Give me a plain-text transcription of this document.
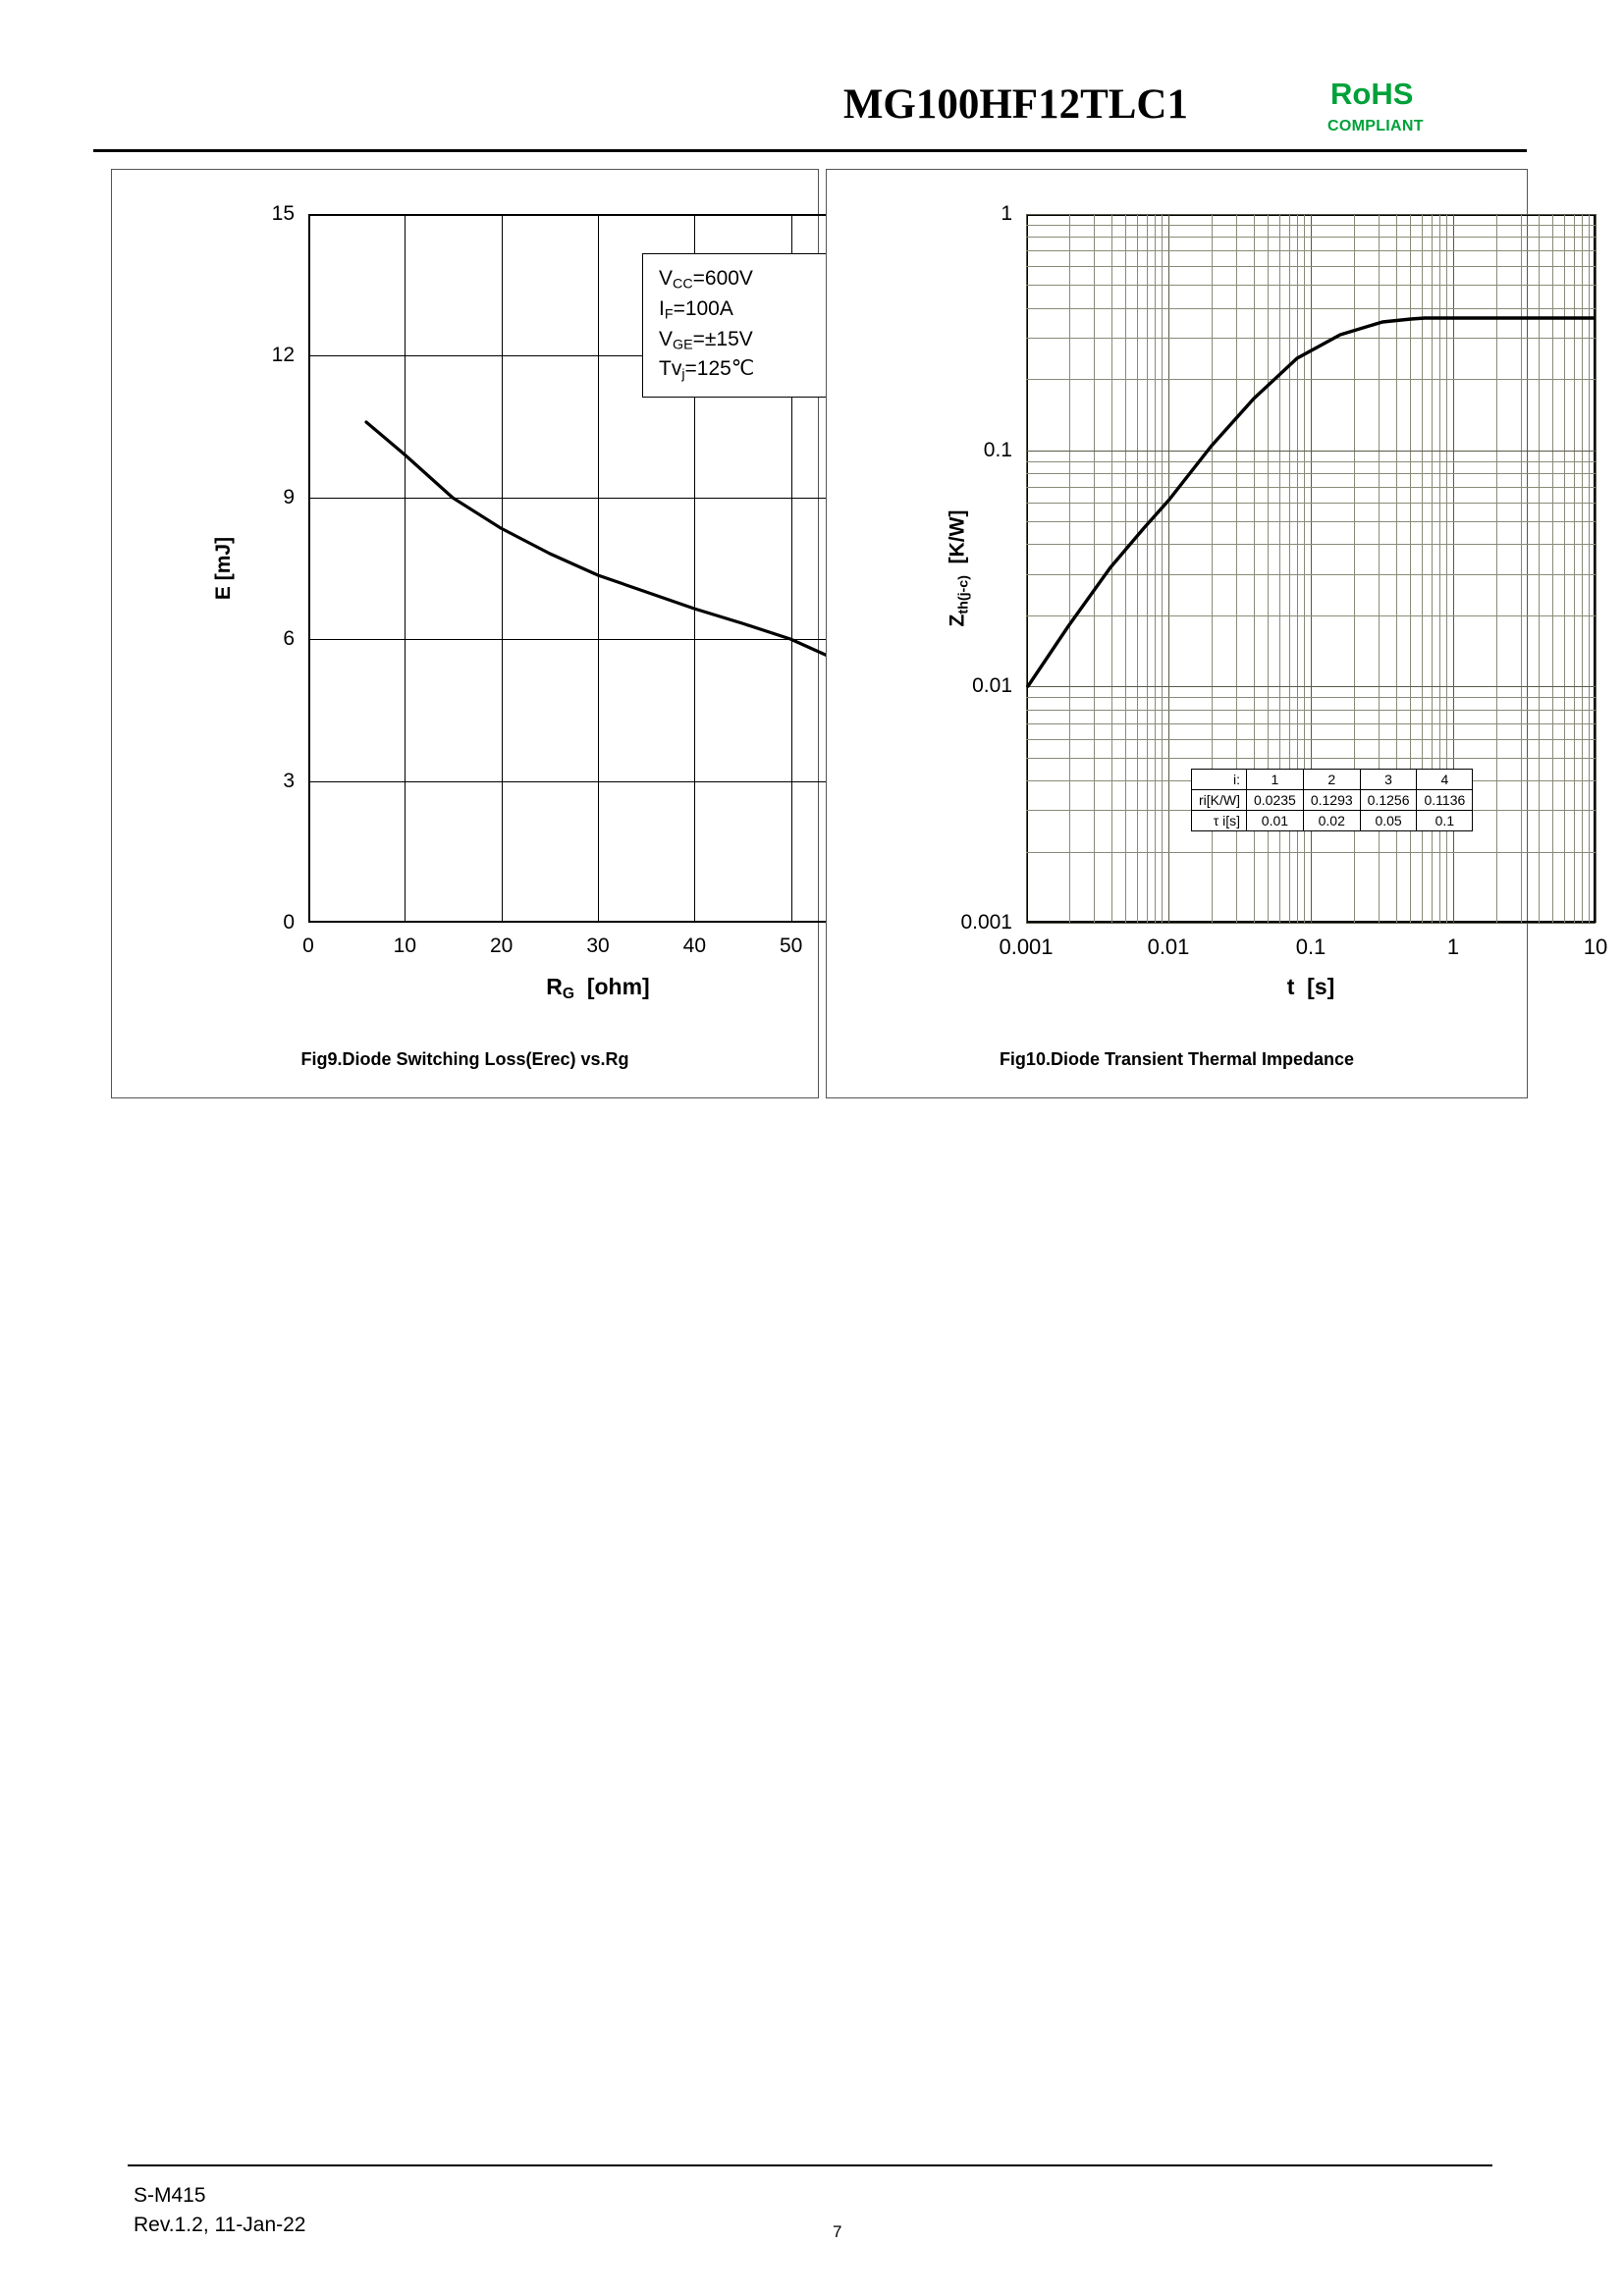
MG100HF12TLC1	RoHS
COMPLIANT
15
12
9
6
3
0
0	10	20	30	40	50
E [mJ]
$R_G$  [ohm]
$V_{CC}=600V$
$I_F=100A$
$V_{GE}=\pm 15V$
$Tv_j=125℃$
Fig9.Diode Switching Loss(Erec) vs.Rg
1
0.1
0.01
0.001
0.001	0.01	0.1	1	10
$Z_{th(j-c)}$  [K/W]
t  [s]
i:	1	2	3	4
ri[K/W]	0.0235	0.1293	0.1256	0.1136
τ i[s]	0.01	0.02	0.05	0.1
Fig10.Diode Transient Thermal Impedance
S-M415
Rev.1.2, 11-Jan-22	7
